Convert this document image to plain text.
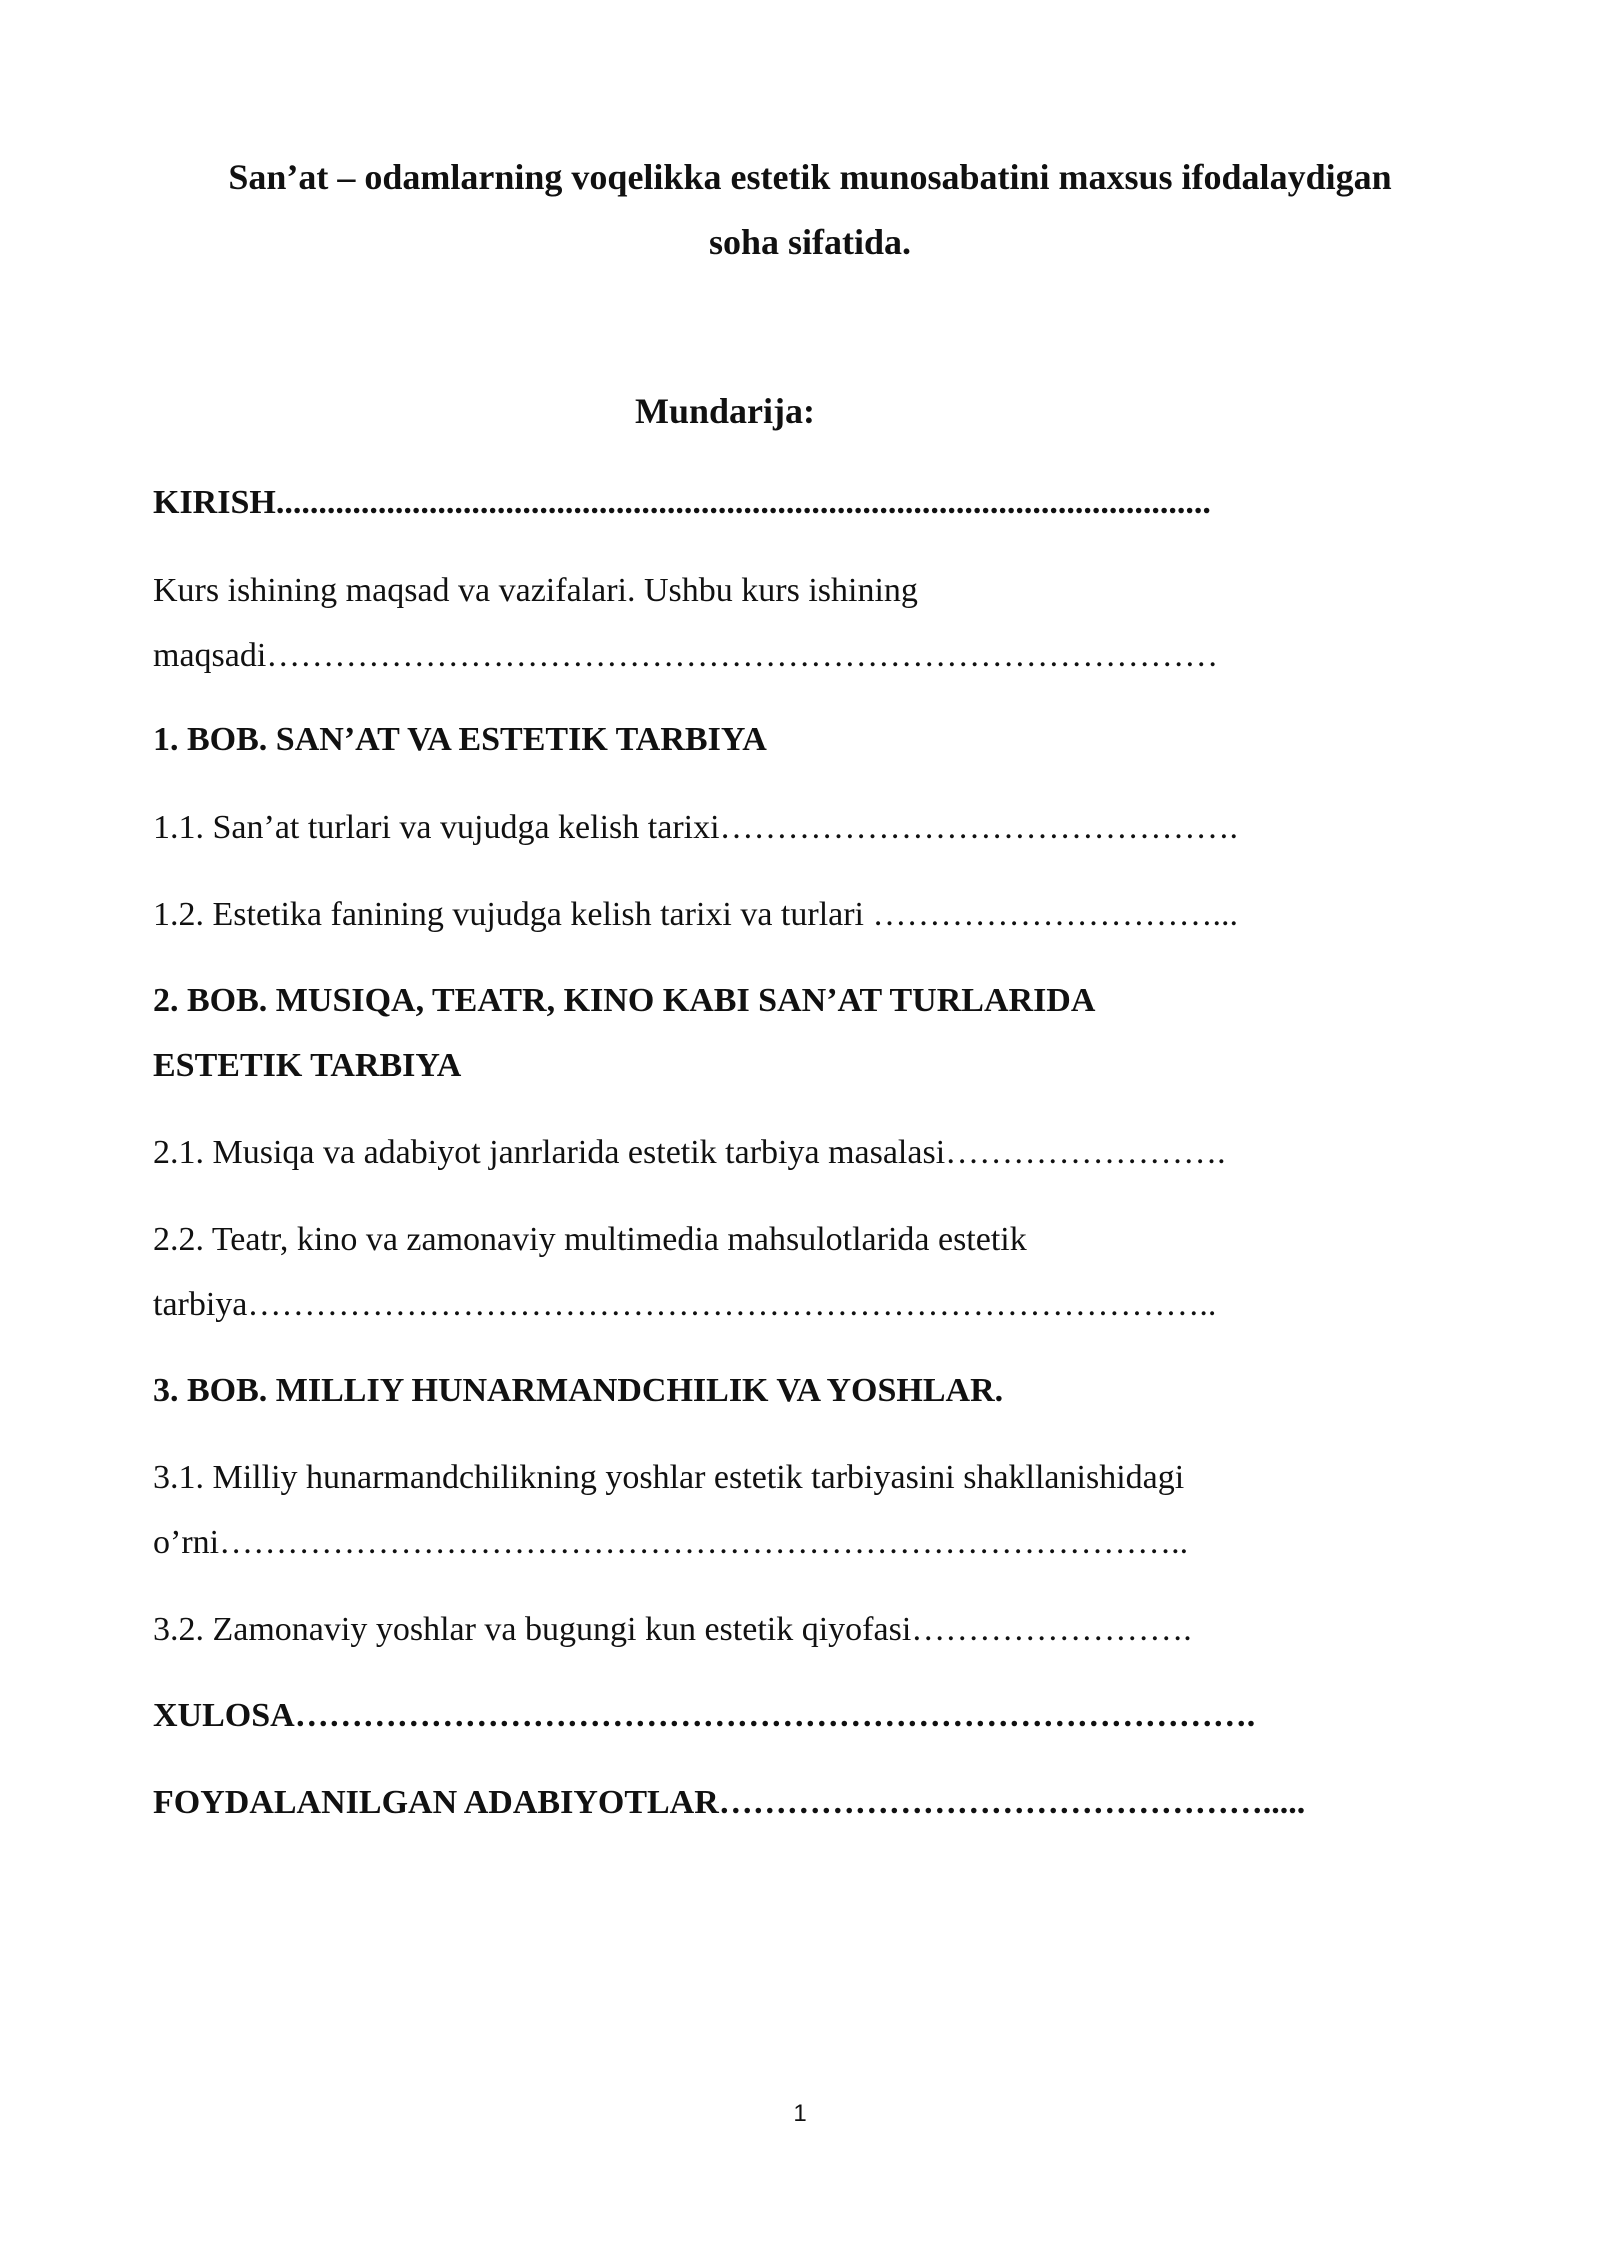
San’at – odamlarning voqelikka estetik munosabatini maxsus ifodalaydigan
soha sifatida.
Mundarija:
KIRISH..............................................................................................................
Kurs ishining maqsad va vazifalari. Ushbu kurs ishining
maqsadi…………………………………………………………………………
1. BOB. SAN’AT VA ESTETIK TARBIYA
1.1. San’at turlari va vujudga kelish tarixi……………………………………….
1.2. Estetika fanining vujudga kelish tarixi va turlari …………………………...
2. BOB. MUSIQA, TEATR, KINO KABI SAN’AT TURLARIDA
ESTETIK TARBIYA
2.1. Musiqa va adabiyot janrlarida estetik tarbiya masalasi…………………….
2.2. Teatr, kino va zamonaviy multimedia mahsulotlarida estetik
tarbiya…………………………………………………………………………..
3. BOB. MILLIY HUNARMANDCHILIK VA YOSHLAR.
3.1. Milliy hunarmandchilikning yoshlar estetik tarbiyasini shakllanishidagi
o’rni…………………………………………………………………………..
3.2. Zamonaviy yoshlar va bugungi kun estetik qiyofasi…………………….
XULOSA………………………………………………………………………….
FOYDALANILGAN ADABIYOTLAR………………………………………….....
1
